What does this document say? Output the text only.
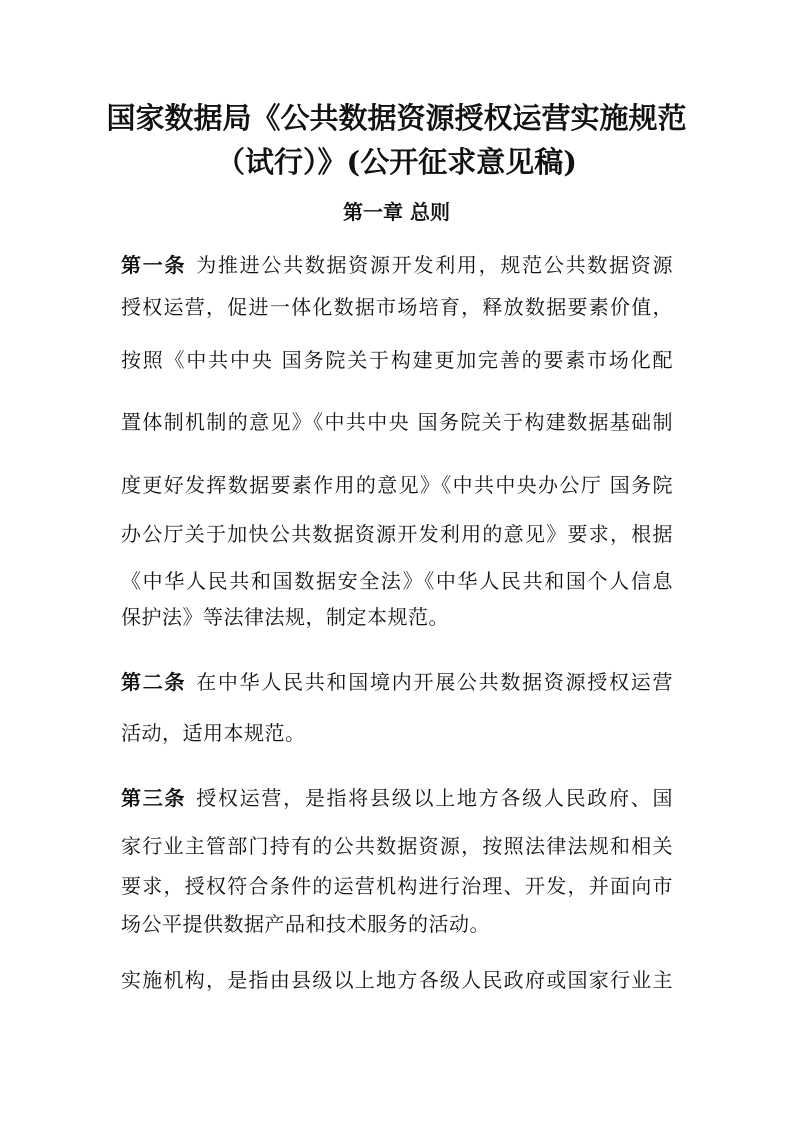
国家数据局《公共数据资源授权运营实施规范（试行）》(公开征求意见稿)
第一章 总则
第一条 为推进公共数据资源开发利用，规范公共数据资源
授权运营，促进一体化数据市场培育，释放数据要素价值，
按照《中共中央 国务院关于构建更加完善的要素市场化配
置体制机制的意见》《中共中央 国务院关于构建数据基础制
度更好发挥数据要素作用的意见》《中共中央办公厅 国务院
办公厅关于加快公共数据资源开发利用的意见》要求，根据
《中华人民共和国数据安全法》《中华人民共和国个人信息
保护法》等法律法规，制定本规范。
第二条 在中华人民共和国境内开展公共数据资源授权运营
活动，适用本规范。
第三条 授权运营，是指将县级以上地方各级人民政府、国
家行业主管部门持有的公共数据资源，按照法律法规和相关
要求，授权符合条件的运营机构进行治理、开发，并面向市
场公平提供数据产品和技术服务的活动。
实施机构，是指由县级以上地方各级人民政府或国家行业主
